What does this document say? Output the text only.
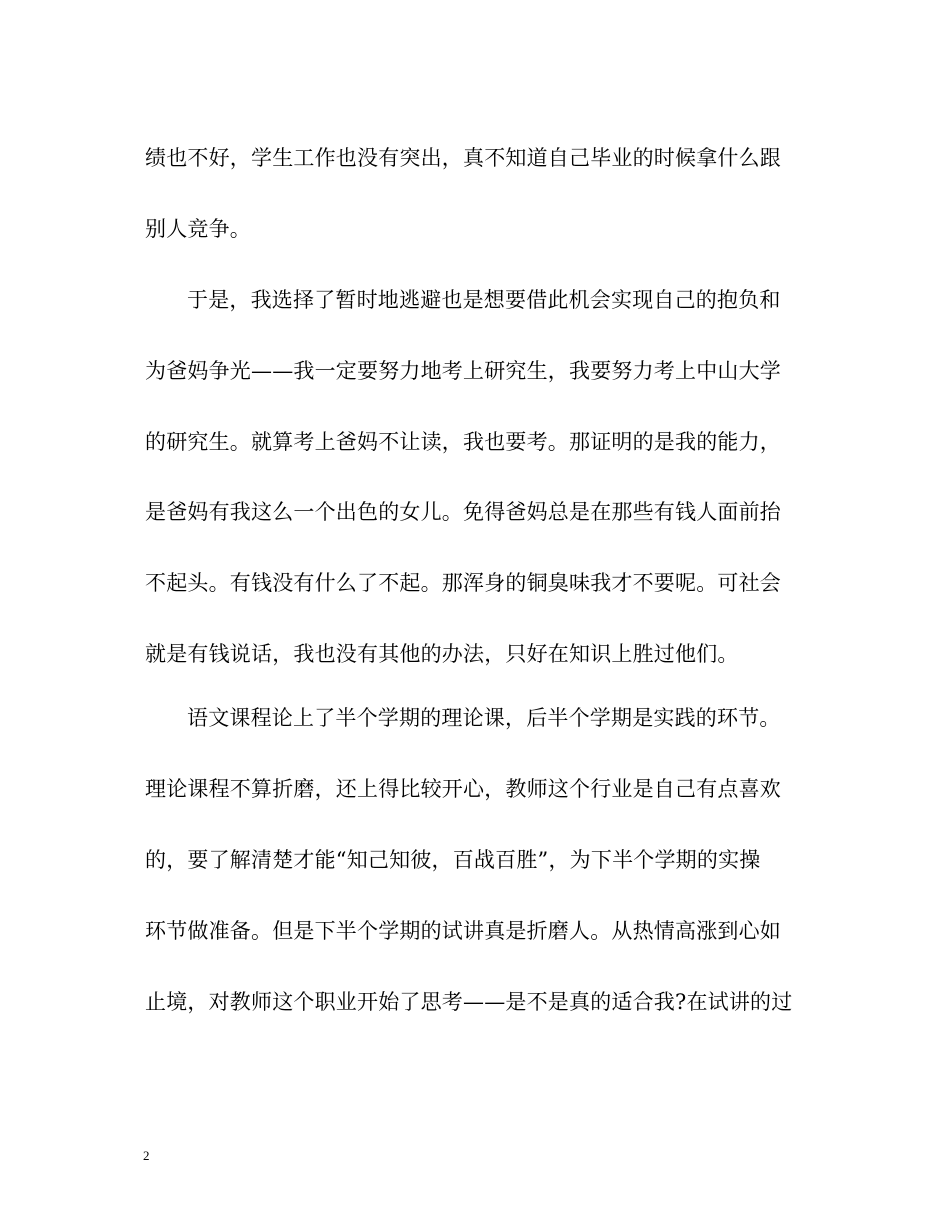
绩也不好，学生工作也没有突出，真不知道自己毕业的时候拿什么跟
别人竞争。
于是，我选择了暂时地逃避也是想要借此机会实现自己的抱负和
为爸妈争光——我一定要努力地考上研究生，我要努力考上中山大学
的研究生。就算考上爸妈不让读，我也要考。那证明的是我的能力，
是爸妈有我这么一个出色的女儿。免得爸妈总是在那些有钱人面前抬
不起头。有钱没有什么了不起。那浑身的铜臭味我才不要呢。可社会
就是有钱说话，我也没有其他的办法，只好在知识上胜过他们。
语文课程论上了半个学期的理论课，后半个学期是实践的环节。
理论课程不算折磨，还上得比较开心，教师这个行业是自己有点喜欢
的，要了解清楚才能“知己知彼，百战百胜”，为下半个学期的实操
环节做准备。但是下半个学期的试讲真是折磨人。从热情高涨到心如
止境，对教师这个职业开始了思考——是不是真的适合我?在试讲的过
2
